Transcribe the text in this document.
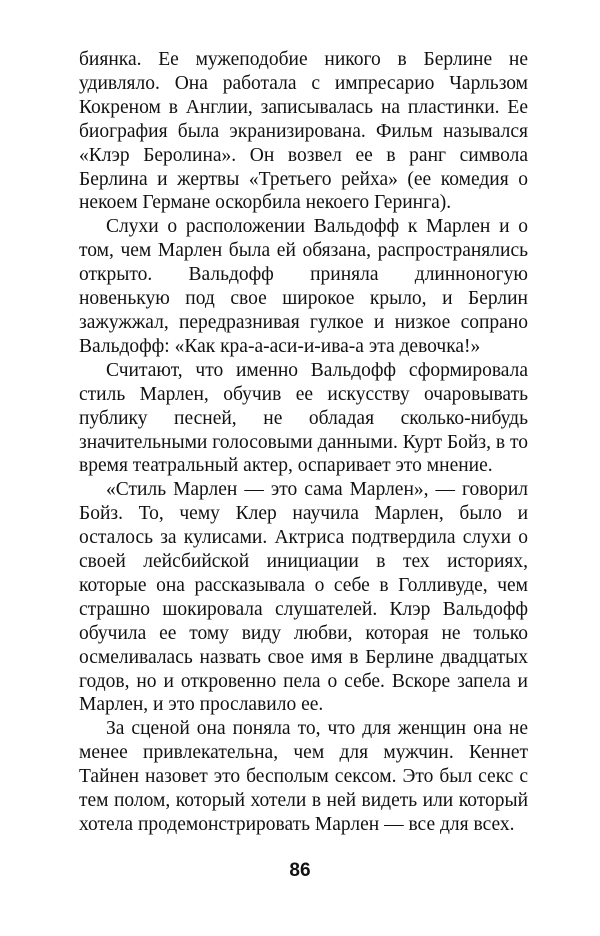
биянка. Ее мужеподобие никого в Берлине не удивляло. Она работала с импресарио Чарльзом Кокреном в Англии, записывалась на пластинки. Ее биография была экранизирована. Фильм назывался «Клэр Беролина». Он возвел ее в ранг символа Берлина и жертвы «Третьего рейха» (ее комедия о некоем Германе оскорбила некоего Геринга).

Слухи о расположении Вальдофф к Марлен и о том, чем Марлен была ей обязана, распространялись открыто. Вальдофф приняла длинноногую новенькую под свое широкое крыло, и Берлин зажужжал, передразнивая гулкое и низкое сопрано Вальдофф: «Как кра-а-аси-и-ива-а эта девочка!»

Считают, что именно Вальдофф сформировала стиль Марлен, обучив ее искусству очаровывать публику песней, не обладая сколько-нибудь значительными голосовыми данными. Курт Бойз, в то время театральный актер, оспаривает это мнение.

«Стиль Марлен — это сама Марлен», — говорил Бойз. То, чему Клер научила Марлен, было и осталось за кулисами. Актриса подтвердила слухи о своей лейсбийской инициации в тех историях, которые она рассказывала о себе в Голливуде, чем страшно шокировала слушателей. Клэр Вальдофф обучила ее тому виду любви, которая не только осмеливалась назвать свое имя в Берлине двадцатых годов, но и откровенно пела о себе. Вскоре запела и Марлен, и это прославило ее.

За сценой она поняла то, что для женщин она не менее привлекательна, чем для мужчин. Кеннет Тайнен назовет это бесполым сексом. Это был секс с тем полом, который хотели в ней видеть или который хотела продемонстрировать Марлен — все для всех.

86
